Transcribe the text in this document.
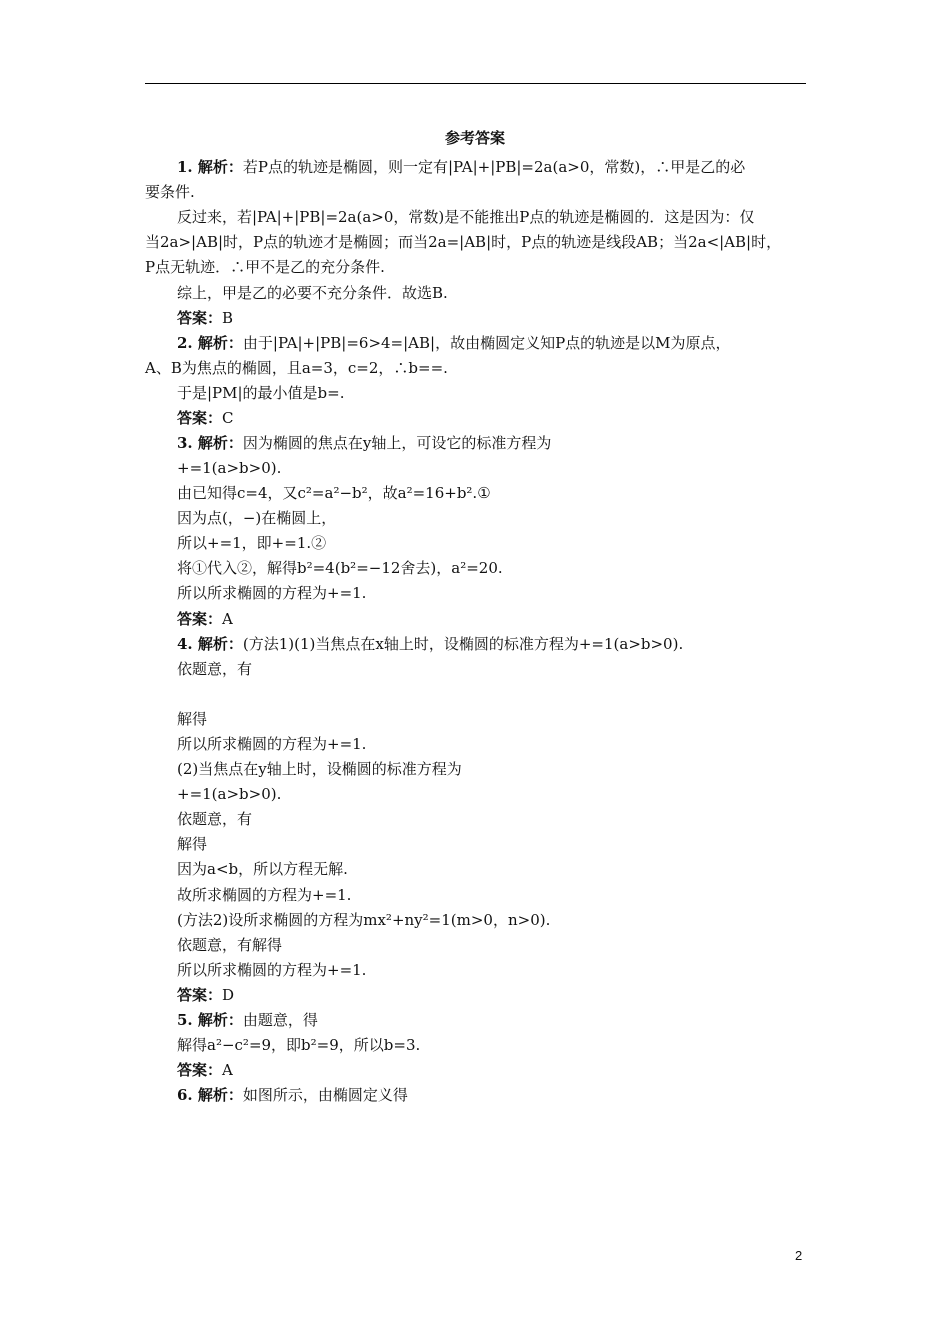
参考答案
1. 解析：若P点的轨迹是椭圆，则一定有|PA|+|PB|=2a(a>0，常数)，∴甲是乙的必
要条件.
反过来，若|PA|+|PB|=2a(a>0，常数)是不能推出P点的轨迹是椭圆的．这是因为：仅
当2a>|AB|时，P点的轨迹才是椭圆；而当2a=|AB|时，P点的轨迹是线段AB；当2a<|AB|时，
P点无轨迹．∴甲不是乙的充分条件.
综上，甲是乙的必要不充分条件．故选B.
答案：B
2. 解析：由于|PA|+|PB|=6>4=|AB|，故由椭圆定义知P点的轨迹是以M为原点，
A、B为焦点的椭圆，且a=3，c=2，∴b==.
于是|PM|的最小值是b=.
答案：C
3. 解析：因为椭圆的焦点在y轴上，可设它的标准方程为
+=1(a>b>0).
由已知得c=4，又c²=a²−b²，故a²=16+b².①
因为点(，−)在椭圆上，
所以+=1，即+=1.②
将①代入②，解得b²=4(b²=−12舍去)，a²=20.
所以所求椭圆的方程为+=1.
答案：A
4. 解析：(方法1)(1)当焦点在x轴上时，设椭圆的标准方程为+=1(a>b>0).
依题意，有
解得
所以所求椭圆的方程为+=1.
(2)当焦点在y轴上时，设椭圆的标准方程为
+=1(a>b>0).
依题意，有
解得
因为a<b，所以方程无解.
故所求椭圆的方程为+=1.
(方法2)设所求椭圆的方程为mx²+ny²=1(m>0，n>0).
依题意，有解得
所以所求椭圆的方程为+=1.
答案：D
5. 解析：由题意，得
解得a²−c²=9，即b²=9，所以b=3.
答案：A
6. 解析：如图所示，由椭圆定义得
2
